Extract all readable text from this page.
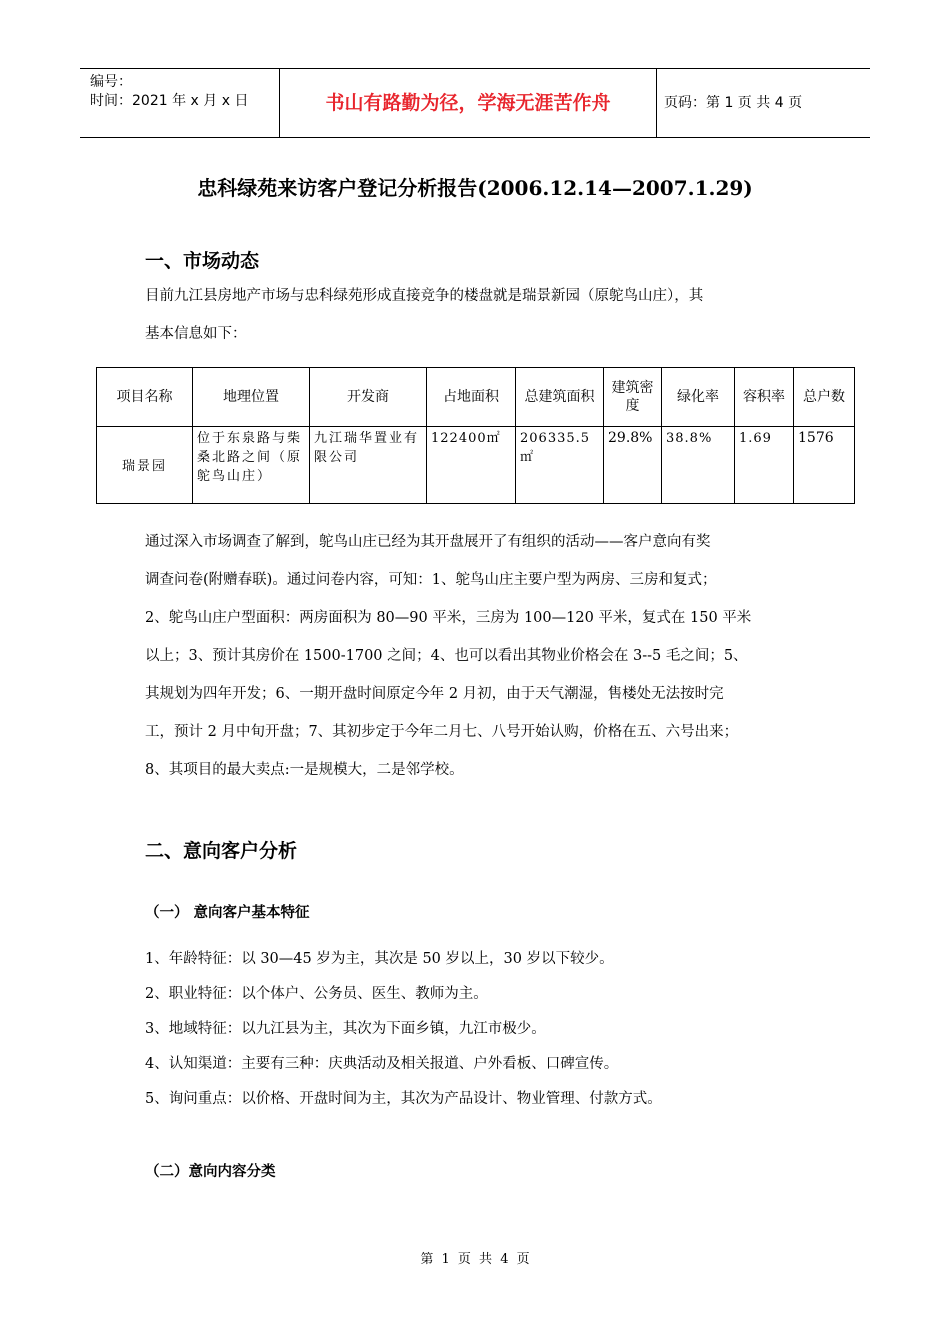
编号：
时间：2021 年 x 月 x 日	书山有路勤为径，学海无涯苦作舟	页码：第 1 页 共 4 页
忠科绿苑来访客户登记分析报告(2006.12.14—2007.1.29)
一、市场动态
目前九江县房地产市场与忠科绿苑形成直接竞争的楼盘就是瑞景新园（原鸵鸟山庄），其
基本信息如下：
项目名称	地理位置	开发商	占地面积	总建筑面积	建筑密度	绿化率	容积率	总户数
瑞景园	位于东泉路与柴桑北路之间（原鸵鸟山庄）	九江瑞华置业有限公司	122400㎡	206335.5㎡	29.8%	38.8%	1.69	1576
通过深入市场调查了解到，鸵鸟山庄已经为其开盘展开了有组织的活动——客户意向有奖
调查问卷(附赠春联)。通过问卷内容，可知：1、鸵鸟山庄主要户型为两房、三房和复式；
2、鸵鸟山庄户型面积：两房面积为 80—90 平米，三房为 100—120 平米，复式在 150 平米
以上；3、预计其房价在 1500-1700 之间；4、也可以看出其物业价格会在 3--5 毛之间；5、
其规划为四年开发；6、一期开盘时间原定今年 2 月初，由于天气潮湿，售楼处无法按时完
工，预计 2 月中旬开盘；7、其初步定于今年二月七、八号开始认购，价格在五、六号出来；
8、其项目的最大卖点:一是规模大，二是邻学校。
二、意向客户分析
（一） 意向客户基本特征
1、年龄特征：以 30—45 岁为主，其次是 50 岁以上，30 岁以下较少。
2、职业特征：以个体户、公务员、医生、教师为主。
3、地域特征：以九江县为主，其次为下面乡镇，九江市极少。
4、认知渠道：主要有三种：庆典活动及相关报道、户外看板、口碑宣传。
5、询问重点：以价格、开盘时间为主，其次为产品设计、物业管理、付款方式。
（二）意向内容分类
第 1 页 共 4 页
